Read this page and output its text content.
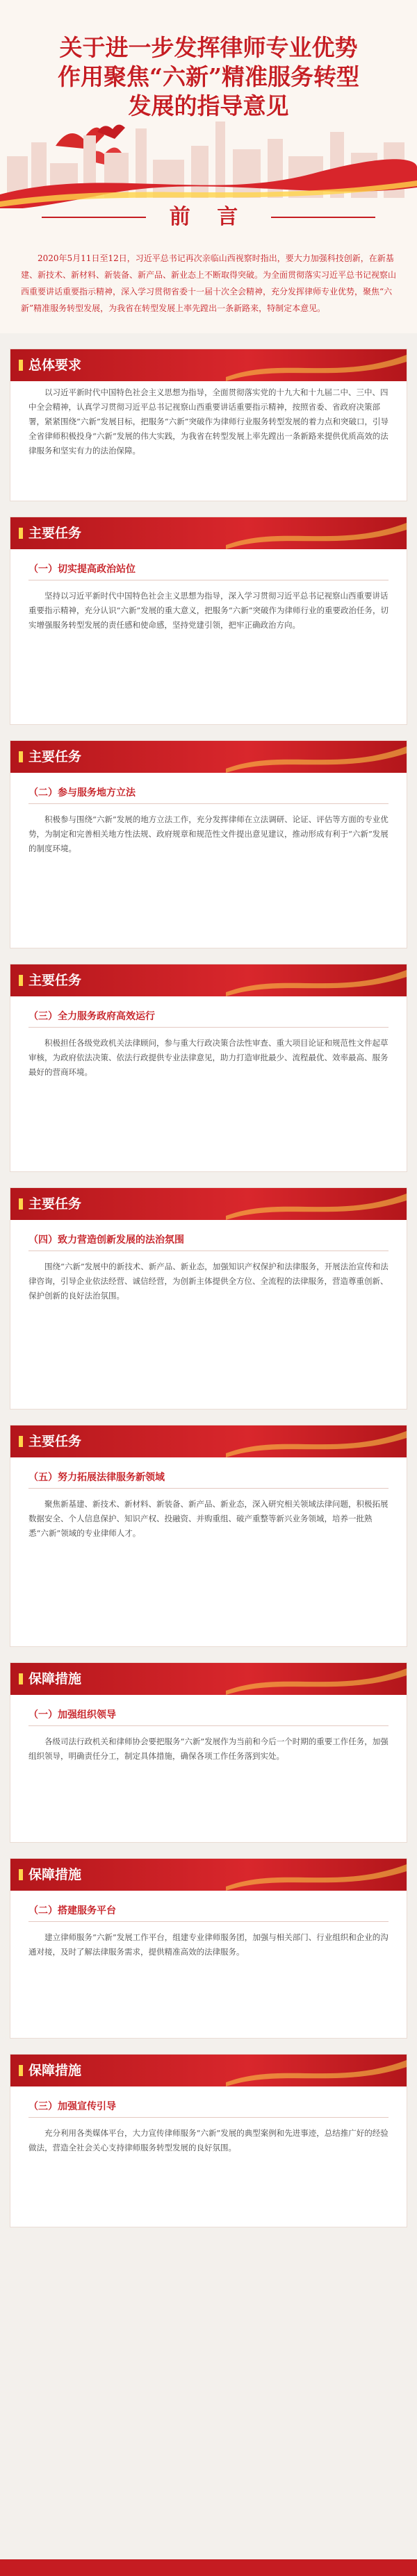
关于进一步发挥律师专业优势
作用聚焦“六新”精准服务转型
发展的指导意见
前 言
2020年5月11日至12日，习近平总书记再次亲临山西视察时指出，要大力加强科技创新，在新基建、新技术、新材料、新装备、新产品、新业态上不断取得突破。为全面贯彻落实习近平总书记视察山西重要讲话重要指示精神，深入学习贯彻省委十一届十次全会精神，充分发挥律师专业优势，聚焦“六新”精准服务转型发展，为我省在转型发展上率先蹚出一条新路来，特制定本意见。
总体要求
以习近平新时代中国特色社会主义思想为指导，全面贯彻落实党的十九大和十九届二中、三中、四中全会精神，认真学习贯彻习近平总书记视察山西重要讲话重要指示精神，按照省委、省政府决策部署，紧紧围绕“六新”发展目标，把服务“六新”突破作为律师行业服务转型发展的着力点和突破口，引导全省律师积极投身“六新”发展的伟大实践，为我省在转型发展上率先蹚出一条新路来提供优质高效的法律服务和坚实有力的法治保障。
主要任务
（一）切实提高政治站位
坚持以习近平新时代中国特色社会主义思想为指导，深入学习贯彻习近平总书记视察山西重要讲话重要指示精神，充分认识“六新”发展的重大意义，把服务“六新”突破作为律师行业的重要政治任务，切实增强服务转型发展的责任感和使命感，坚持党建引领，把牢正确政治方向。
主要任务
（二）参与服务地方立法
积极参与围绕“六新”发展的地方立法工作，充分发挥律师在立法调研、论证、评估等方面的专业优势，为制定和完善相关地方性法规、政府规章和规范性文件提出意见建议，推动形成有利于“六新”发展的制度环境。
主要任务
（三）全力服务政府高效运行
积极担任各级党政机关法律顾问，参与重大行政决策合法性审查、重大项目论证和规范性文件起草审核，为政府依法决策、依法行政提供专业法律意见，助力打造审批最少、流程最优、效率最高、服务最好的营商环境。
主要任务
（四）致力营造创新发展的法治氛围
围绕“六新”发展中的新技术、新产品、新业态，加强知识产权保护和法律服务，开展法治宣传和法律咨询，引导企业依法经营、诚信经营，为创新主体提供全方位、全流程的法律服务，营造尊重创新、保护创新的良好法治氛围。
主要任务
（五）努力拓展法律服务新领域
聚焦新基建、新技术、新材料、新装备、新产品、新业态，深入研究相关领域法律问题，积极拓展数据安全、个人信息保护、知识产权、投融资、并购重组、破产重整等新兴业务领域，培养一批熟悉“六新”领域的专业律师人才。
保障措施
（一）加强组织领导
各级司法行政机关和律师协会要把服务“六新”发展作为当前和今后一个时期的重要工作任务，加强组织领导，明确责任分工，制定具体措施，确保各项工作任务落到实处。
保障措施
（二）搭建服务平台
建立律师服务“六新”发展工作平台，组建专业律师服务团，加强与相关部门、行业组织和企业的沟通对接，及时了解法律服务需求，提供精准高效的法律服务。
保障措施
（三）加强宣传引导
充分利用各类媒体平台，大力宣传律师服务“六新”发展的典型案例和先进事迹，总结推广好的经验做法，营造全社会关心支持律师服务转型发展的良好氛围。
